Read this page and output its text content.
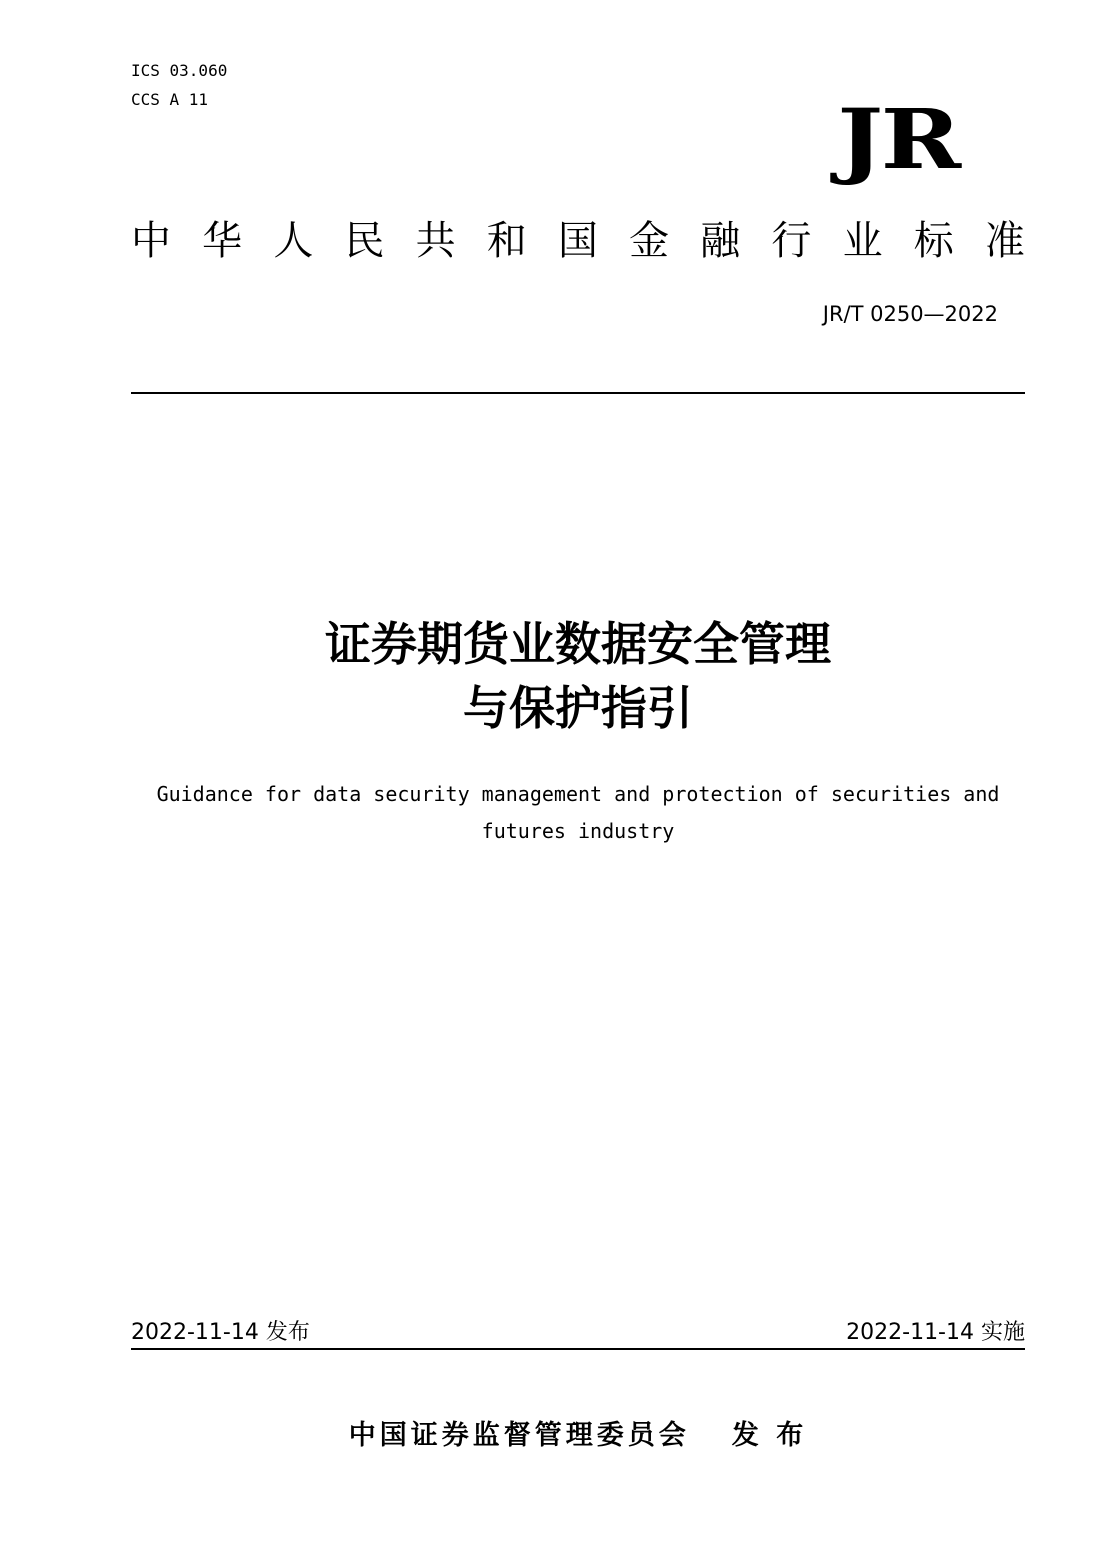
ICS 03.060
CCS A 11	JR
中 华 人 民 共 和 国 金 融 行 业 标 准
JR/T 0250—2022
证券期货业数据安全管理
与保护指引
Guidance for data security management and protection of securities and
futures industry
2022-11-14 发布	2022-11-14 实施
中国证券监督管理委员会 发 布
